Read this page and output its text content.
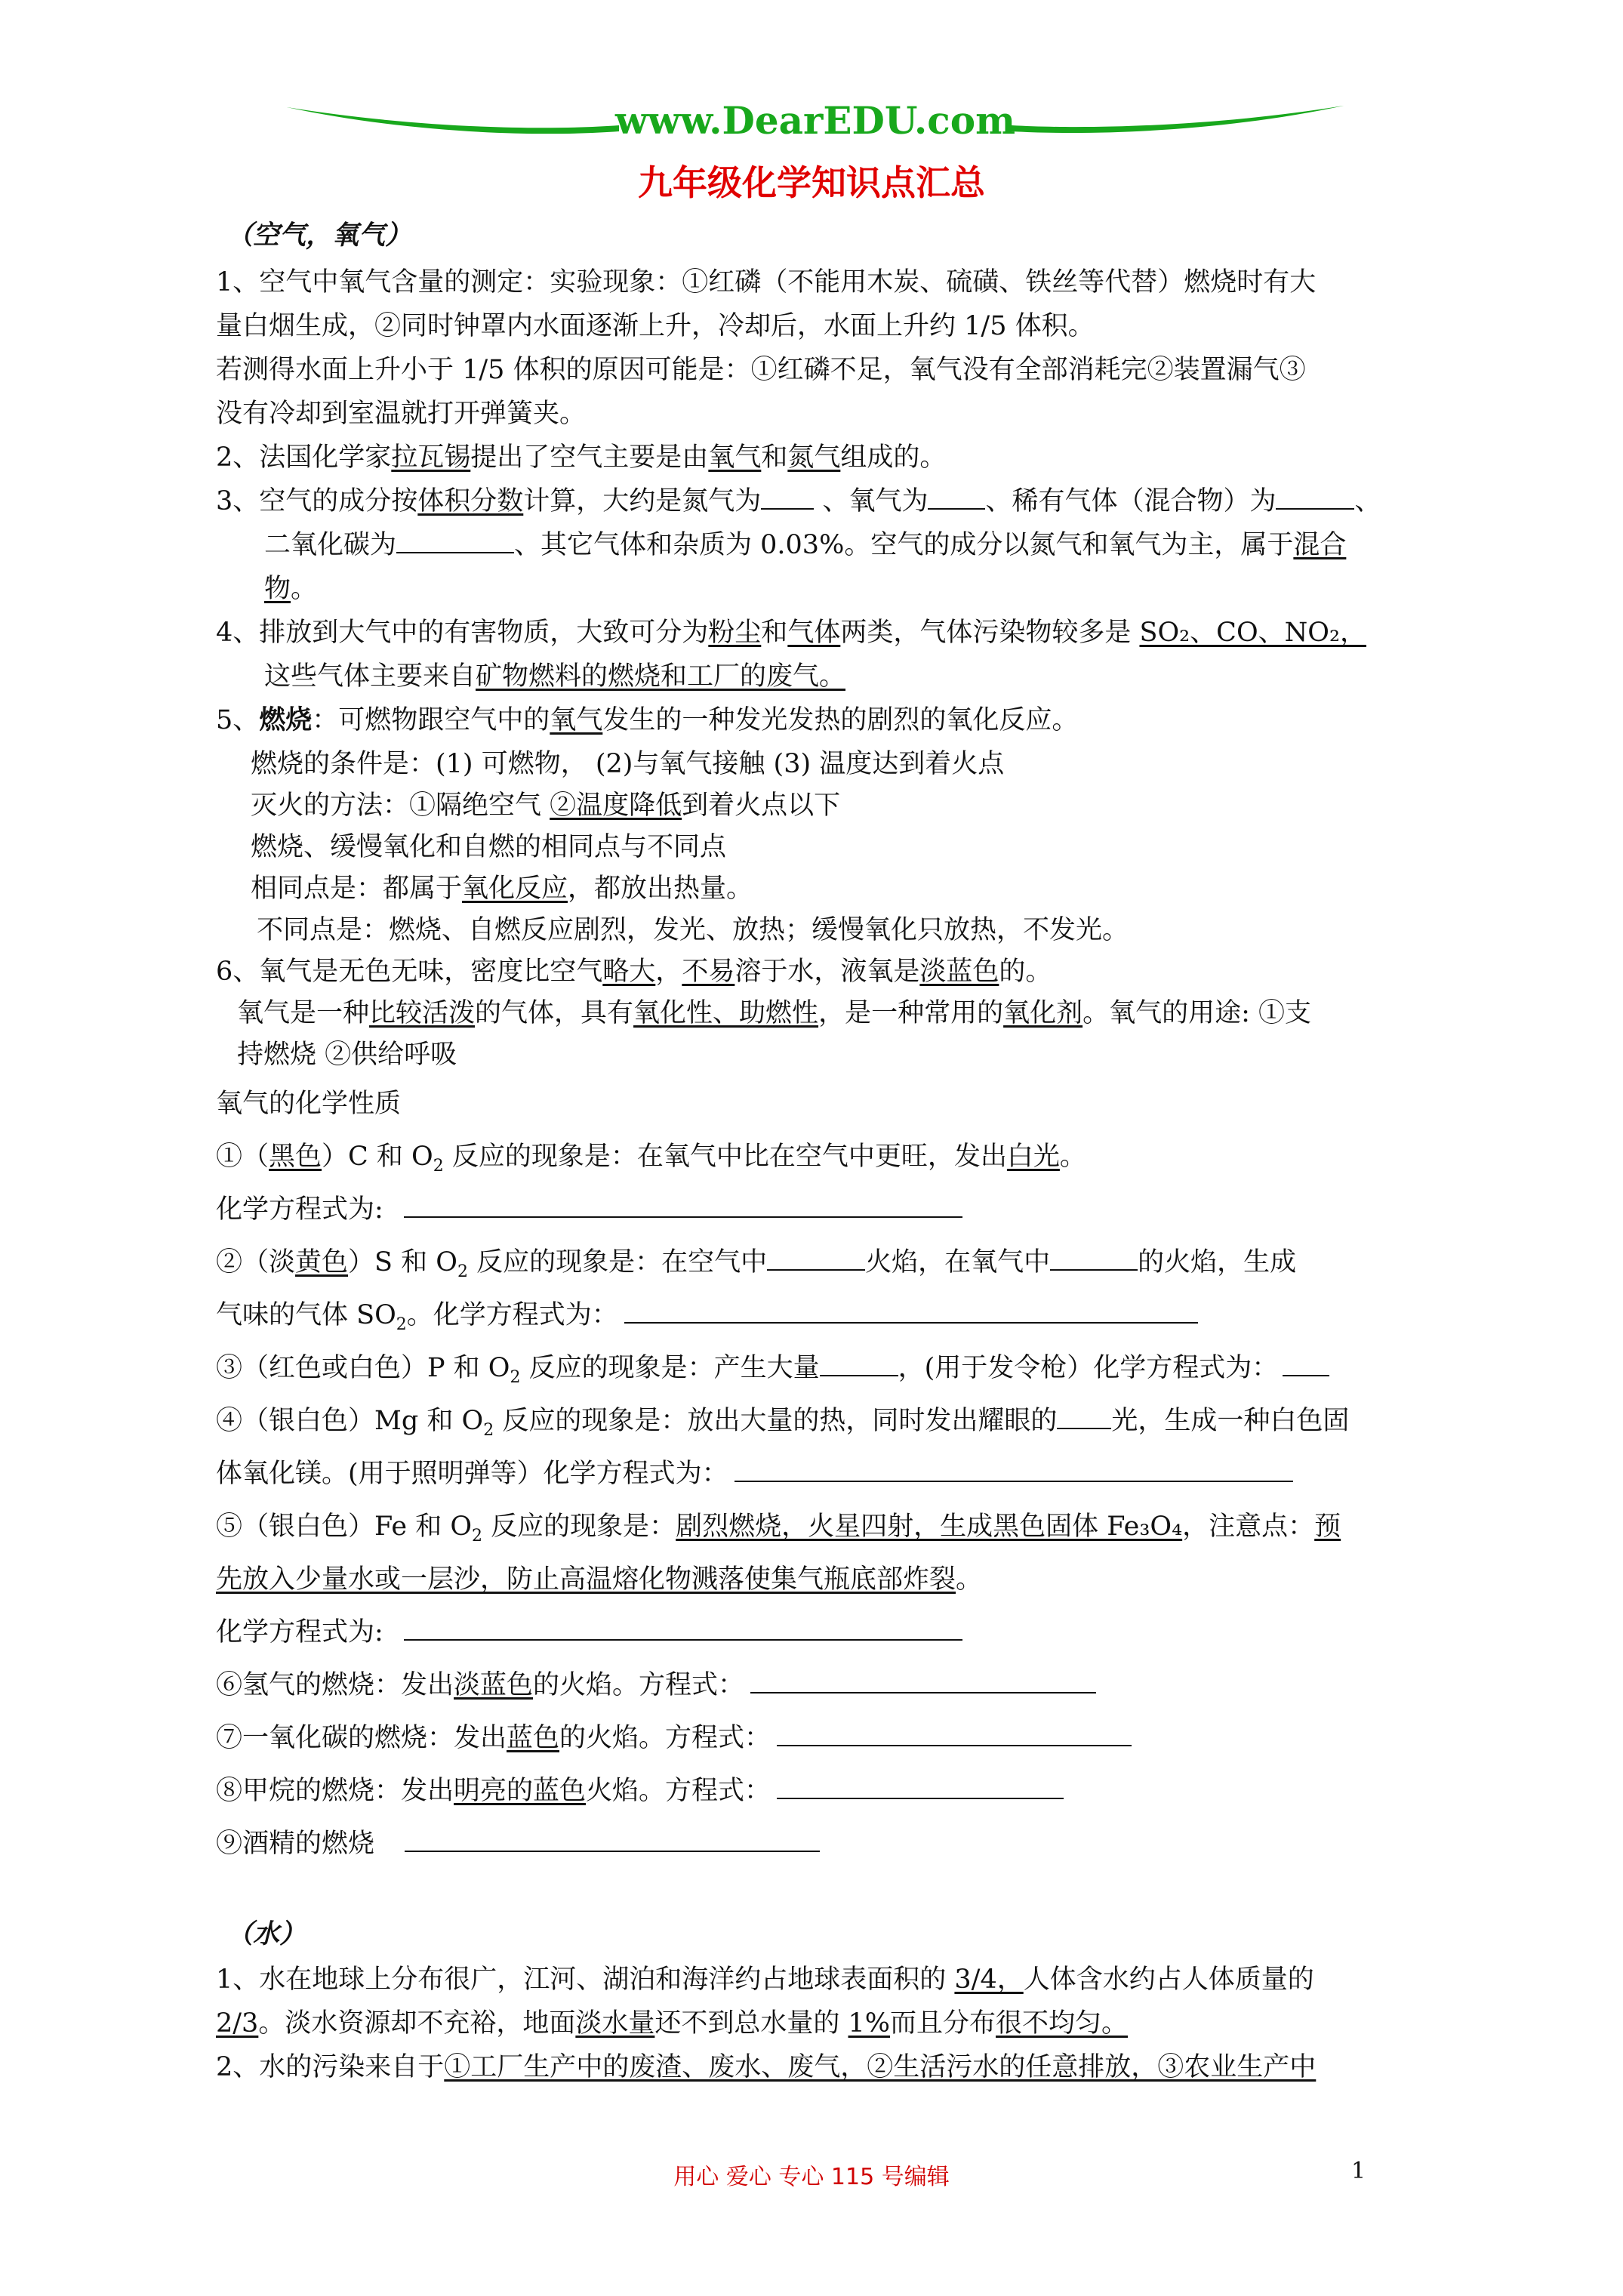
www.DearEDU.com
九年级化学知识点汇总
（空气，氧气）
1、空气中氧气含量的测定：实验现象：①红磷（不能用木炭、硫磺、铁丝等代替）燃烧时有大
量白烟生成，②同时钟罩内水面逐渐上升，冷却后，水面上升约 1/5 体积。
若测得水面上升小于 1/5 体积的原因可能是：①红磷不足，氧气没有全部消耗完②装置漏气③
没有冷却到室温就打开弹簧夹。
2、法国化学家拉瓦锡提出了空气主要是由氧气和氮气组成的。
3、空气的成分按体积分数计算，大约是氮气为 、氧气为 、稀有气体（混合物）为	、
二氧化碳为	、其它气体和杂质为 0.03%。空气的成分以氮气和氧气为主，属于混合
物。
4、排放到大气中的有害物质，大致可分为粉尘和气体两类，气体污染物较多是 SO₂、CO、NO₂，
这些气体主要来自矿物燃料的燃烧和工厂的废气。
5、燃烧：可燃物跟空气中的氧气发生的一种发光发热的剧烈的氧化反应。
燃烧的条件是：(1) 可燃物， (2)与氧气接触 (3) 温度达到着火点
灭火的方法：①隔绝空气 ②温度降低到着火点以下
燃烧、缓慢氧化和自燃的相同点与不同点
相同点是：都属于氧化反应，都放出热量。
不同点是：燃烧、自燃反应剧烈，发光、放热；缓慢氧化只放热，不发光。
6、氧气是无色无味，密度比空气略大，不易溶于水，液氧是淡蓝色的。
氧气是一种比较活泼的气体，具有氧化性、助燃性，是一种常用的氧化剂。氧气的用途: ①支
持燃烧 ②供给呼吸
氧气的化学性质
①（黑色）C 和 $O_2$ 反应的现象是：在氧气中比在空气中更旺，发出白光。
化学方程式为:
②（淡黄色）S 和 $O_2$ 反应的现象是：在空气中	火焰，在氧气中	的火焰，生成
气味的气体 $SO_2$。化学方程式为：
③（红色或白色）P 和 $O_2$ 反应的现象是：产生大量	，(用于发令枪）化学方程式为：
④（银白色）Mg 和 $O_2$ 反应的现象是：放出大量的热，同时发出耀眼的 光，生成一种白色固
体氧化镁。(用于照明弹等）化学方程式为：
⑤（银白色）Fe 和 $O_2$ 反应的现象是：剧烈燃烧，火星四射，生成黑色固体 Fe₃O₄，注意点：预
先放入少量水或一层沙，防止高温熔化物溅落使集气瓶底部炸裂。
化学方程式为:
⑥氢气的燃烧：发出淡蓝色的火焰。方程式：
⑦一氧化碳的燃烧：发出蓝色的火焰。方程式：
⑧甲烷的燃烧：发出明亮的蓝色火焰。方程式：
⑨酒精的燃烧
（水）
1、水在地球上分布很广，江河、湖泊和海洋约占地球表面积的 3/4，人体含水约占人体质量的
2/3。淡水资源却不充裕，地面淡水量还不到总水量的 1%而且分布很不均匀。
2、水的污染来自于①工厂生产中的废渣、废水、废气，②生活污水的任意排放，③农业生产中
用心 爱心 专心 115 号编辑	1
